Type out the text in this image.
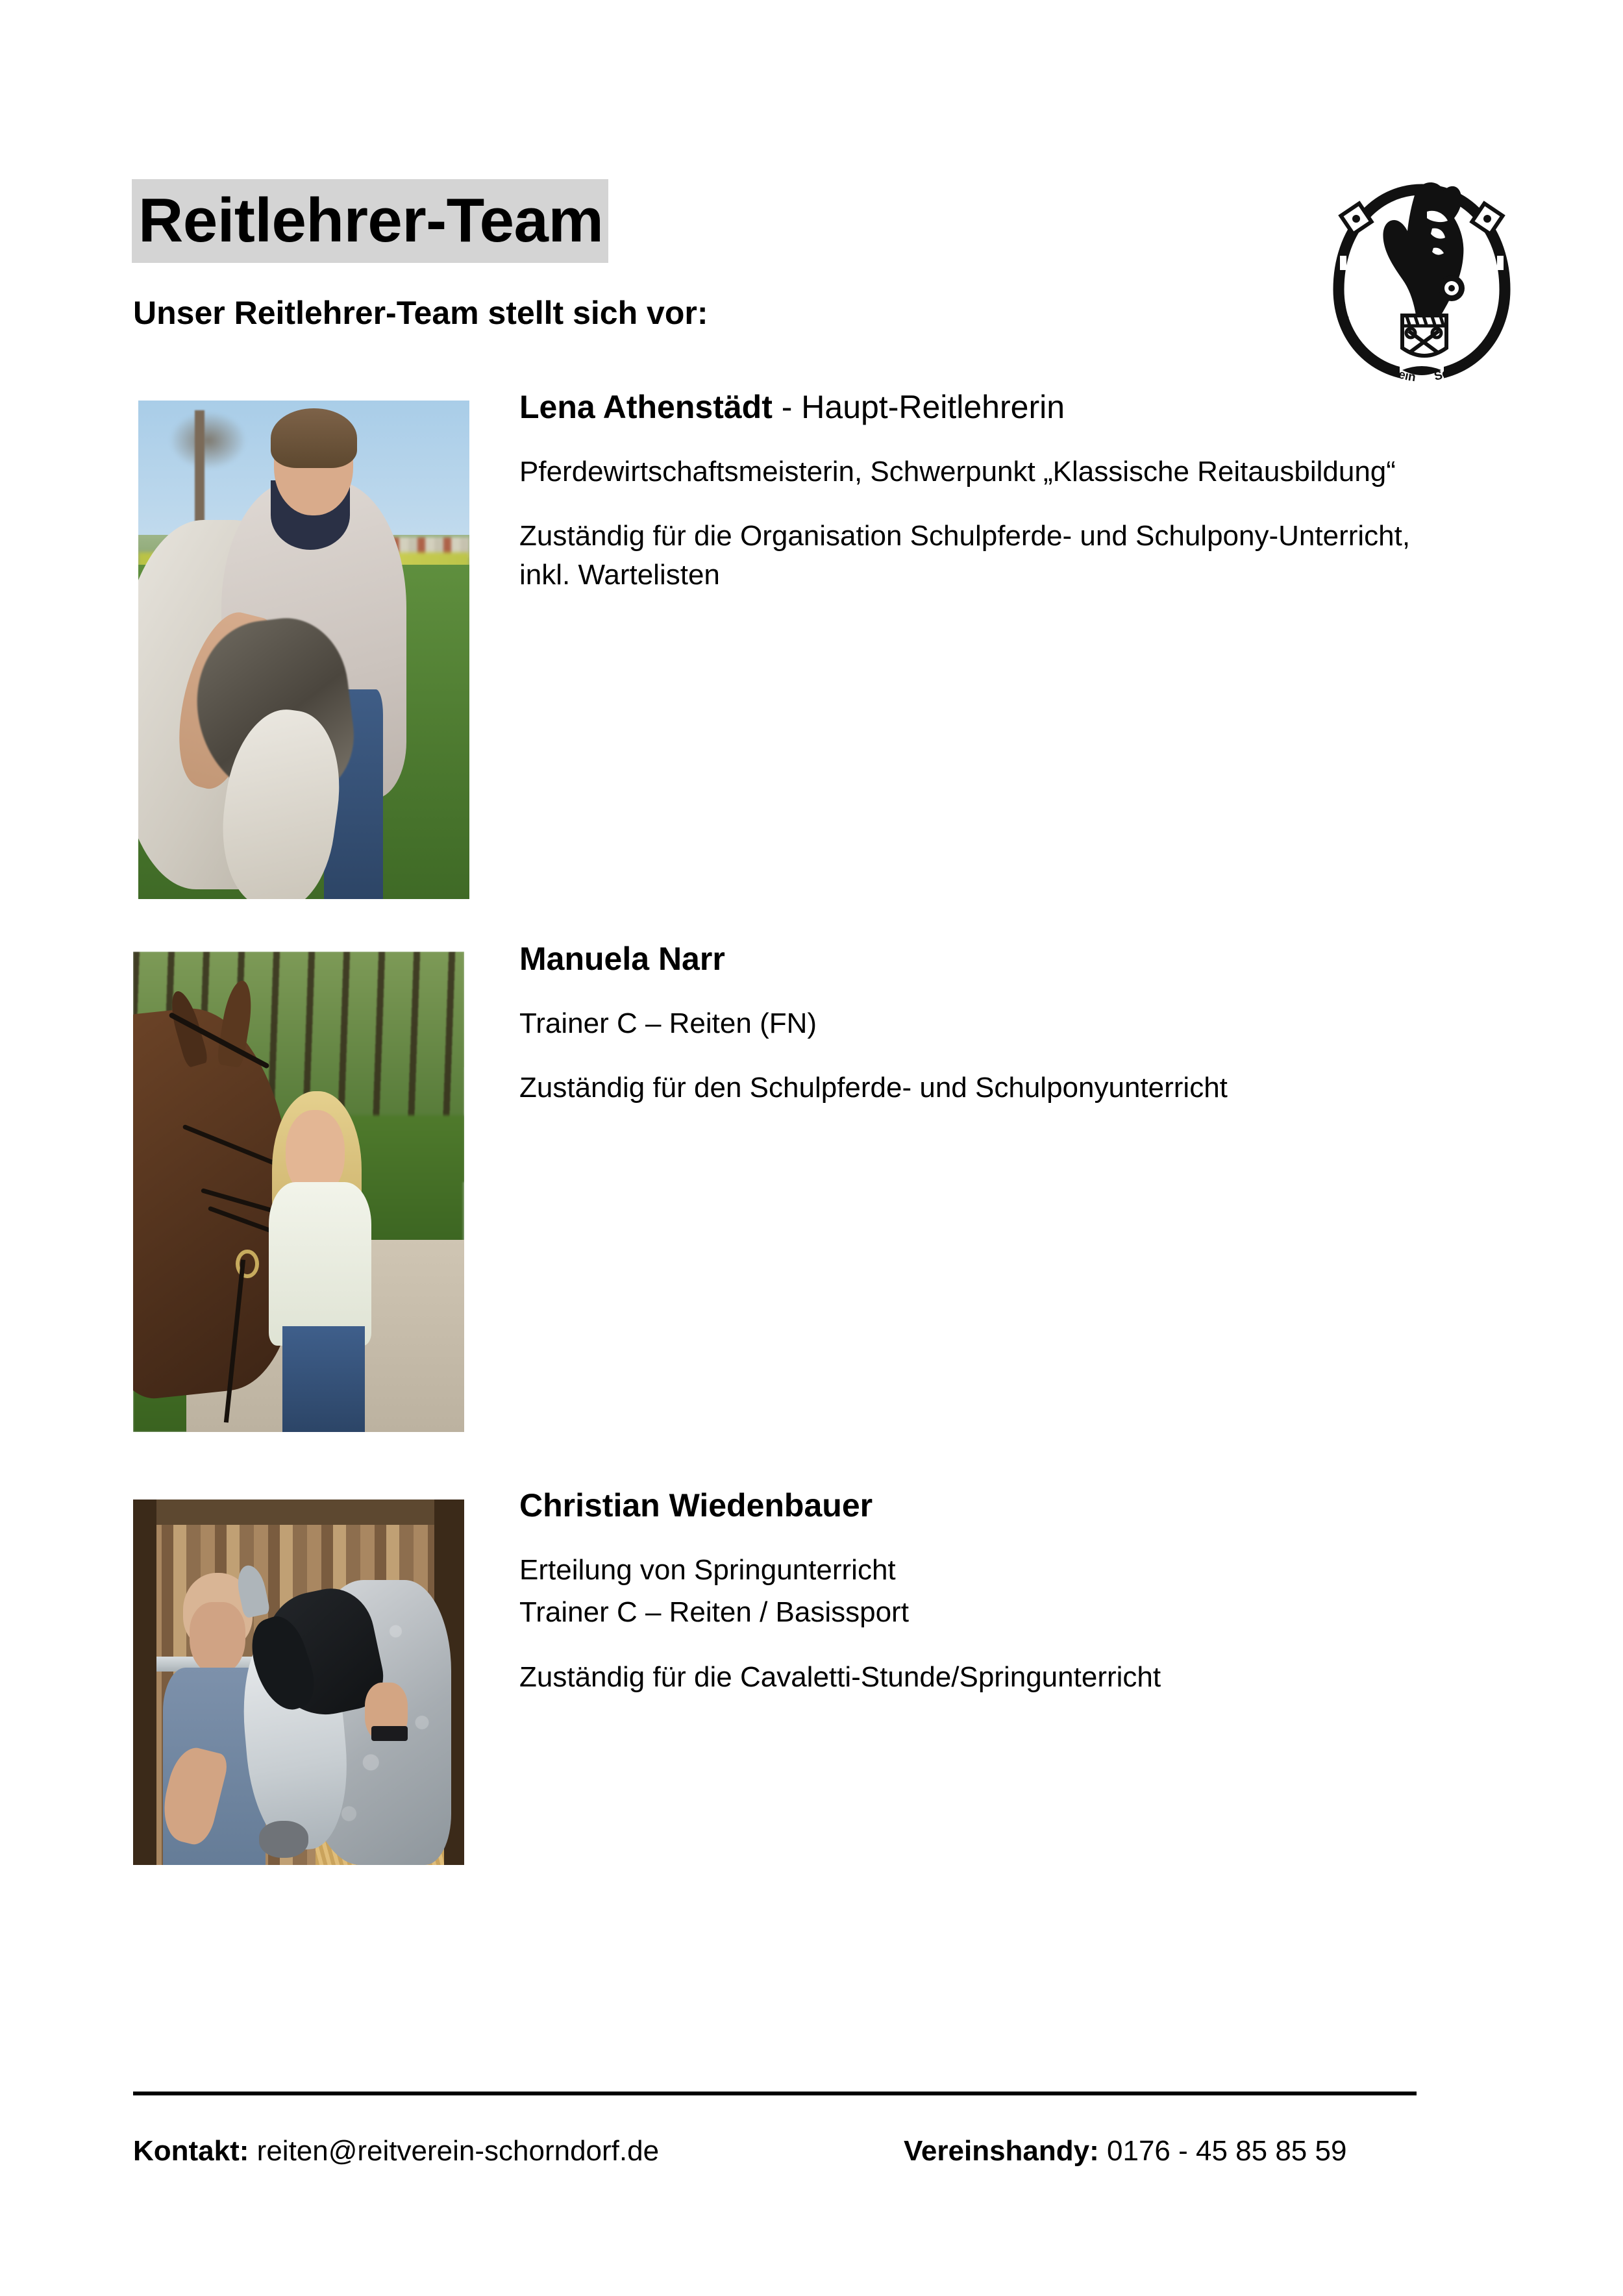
Reitlehrer-Team
Unser Reitlehrer-Team stellt sich vor:	Reit- und Fahrverein Schorndorf e.V.
Lena Athenstädt - Haupt-Reitlehrerin
Pferdewirtschaftsmeisterin, Schwerpunkt „Klassische Reitausbildung“
Zuständig für die Organisation Schulpferde- und Schulpony-Unterricht, inkl. Wartelisten
Manuela Narr
Trainer C – Reiten (FN)
Zuständig für den Schulpferde- und Schulponyunterricht
Christian Wiedenbauer
Erteilung von Springunterricht
Trainer C – Reiten / Basissport
Zuständig für die Cavaletti-Stunde/Springunterricht
Kontakt: reiten@reitverein-schorndorf.de	Vereinshandy: 0176 - 45 85 85 59
